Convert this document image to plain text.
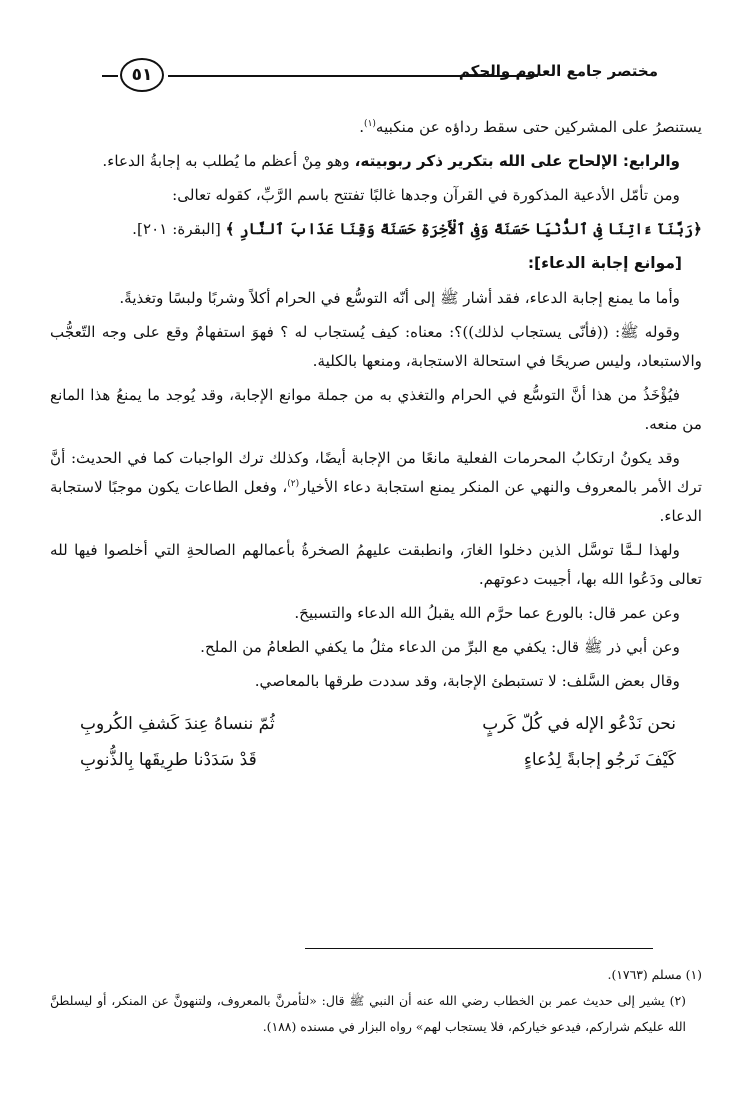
٥١	مختصر جامع العلوم والحكم

يستنصرُ على المشركين حتى سقط رداؤه عن منكبيه$^{(١)}$.

والرابع: الإلحاح على الله بتكرير ذكر ربوبيته، وهو مِنْ أعظم ما يُطلب به إجابةُ الدعاء.

ومن تأمّل الأدعية المذكورة في القرآن وجدها غالبًا تفتتح باسم الرَّبِّ، كقوله تعالى:

﴿رَبَّنَآ ءَاتِنَا فِى ٱلدُّنْيَا حَسَنَةً وَفِى ٱلْأَخِرَةِ حَسَنَةً وَقِنَا عَذَابَ ٱلنَّارِ ﴾ [البقرة: ٢٠١].

[موانع إجابة الدعاء]:

وأما ما يمنع إجابة الدعاء، فقد أشار ﷺ إلى أنّه التوسُّع في الحرام أكلاً وشربًا ولبسًا وتغذيةً.

وقوله ﷺ: ((فأنّى يستجاب لذلك))؟: معناه: كيف يُستجاب له ؟ فهوَ استفهامٌ وقع على وجه التّعجُّب والاستبعاد، وليس صريحًا في استحالة الاستجابة، ومنعها بالكلية.

فيُؤْخَذُ من هذا أنَّ التوسُّع في الحرام والتغذي به من جملة موانع الإجابة، وقد يُوجد ما يمنعُ هذا المانع من منعه.

وقد يكونُ ارتكابُ المحرمات الفعلية مانعًا من الإجابة أيضًا، وكذلك ترك الواجبات كما في الحديث: أنَّ ترك الأمر بالمعروف والنهي عن المنكر يمنع استجابة دعاء الأخيار$^{(٢)}$، وفعل الطاعات يكون موجبًا لاستجابة الدعاء.

ولهذا لـمَّا توسَّل الذين دخلوا الغارَ، وانطبقت عليهمُ الصخرةُ بأعمالهم الصالحةِ التي أخلصوا فيها لله تعالى ودَعُوا الله بها، أجيبت دعوتهم.

وعن عمر قال: بالورع عما حرَّم الله يقبلُ الله الدعاء والتسبيحَ.

وعن أبي ذر ﷺ قال: يكفي مع البرِّ من الدعاء مثلُ ما يكفي الطعامُ من الملح.

وقال بعض السَّلف: لا تستبطئ الإجابة، وقد سددت طرقها بالمعاصي.

نحن نَدْعُو الإله في كُلّ كَربٍ
ثُمّ ننساهُ عِندَ كَشفِ الكُروبِ
كَيْفَ نَرجُو إجابةً لِدُعاءٍ
قَدْ سَدَدْنا طرِيقَها بِالذُّنوبِ

(١) مسلم (١٧٦٣).

(٢) يشير إلى حديث عمر بن الخطاب رضي الله عنه أن النبي ﷺ قال: «لتأمرنَّ بالمعروف، ولتنهونَّ عن المنكر، أو ليسلطنَّ الله عليكم شراركم، فيدعو خياركم، فلا يستجاب لهم» رواه البزار في مسنده (١٨٨).
